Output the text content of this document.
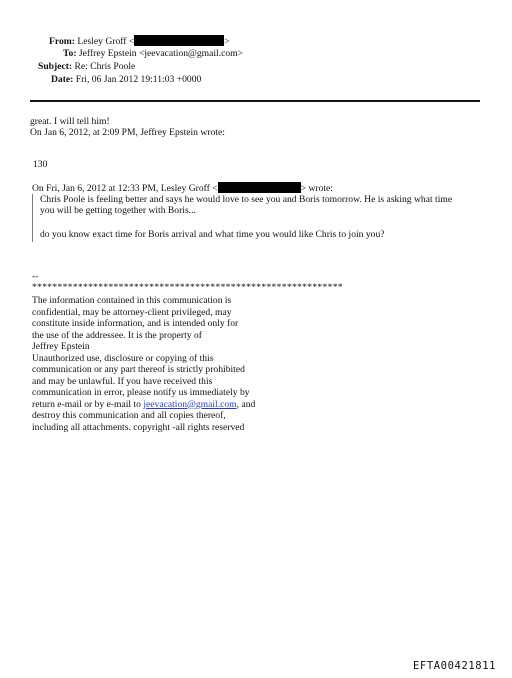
From: Lesley Groff <	>
To: Jeffrey Epstein <jeevacation@gmail.com>
Subject: Re: Chris Poole
Date: Fri, 06 Jan 2012 19:11:03 +0000
great. I will tell him!
On Jan 6, 2012, at 2:09 PM, Jeffrey Epstein wrote:
130
On Fri, Jan 6, 2012 at 12:33 PM, Lesley Groff <	> wrote:
Chris Poole is feeling better and says he would love to see you and Boris tomorrow. He is asking what time
you will be getting together with Boris...
do you know exact time for Boris arrival and what time you would like Chris to join you?
--
*************************************************************
The information contained in this communication is
confidential, may be attorney-client privileged, may
constitute inside information, and is intended only for
the use of the addressee. It is the property of
Jeffrey Epstein
Unauthorized use, disclosure or copying of this
communication or any part thereof is strictly prohibited
and may be unlawful. If you have received this
communication in error, please notify us immediately by
return e-mail or by e-mail to jeevacation@gmail.com, and
destroy this communication and all copies thereof,
including all attachments. copyright -all rights reserved
EFTA00421811
